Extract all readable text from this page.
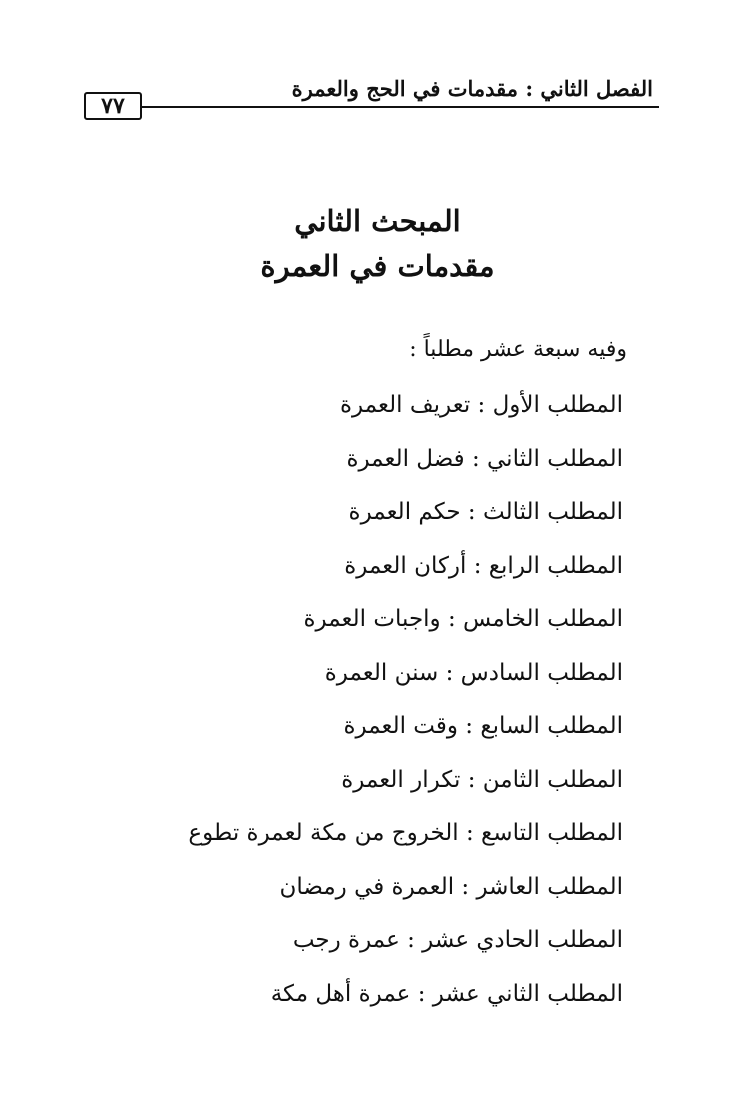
الفصل الثاني : مقدمات في الحج والعمرة
٧٧
المبحث الثاني
مقدمات في العمرة
وفيه سبعة عشر مطلباً :
المطلب الأول : تعريف العمرة
المطلب الثاني : فضل العمرة
المطلب الثالث : حكم العمرة
المطلب الرابع : أركان العمرة
المطلب الخامس : واجبات العمرة
المطلب السادس : سنن العمرة
المطلب السابع : وقت العمرة
المطلب الثامن : تكرار العمرة
المطلب التاسع : الخروج من مكة لعمرة تطوع
المطلب العاشر : العمرة في رمضان
المطلب الحادي عشر : عمرة رجب
المطلب الثاني عشر : عمرة أهل مكة
